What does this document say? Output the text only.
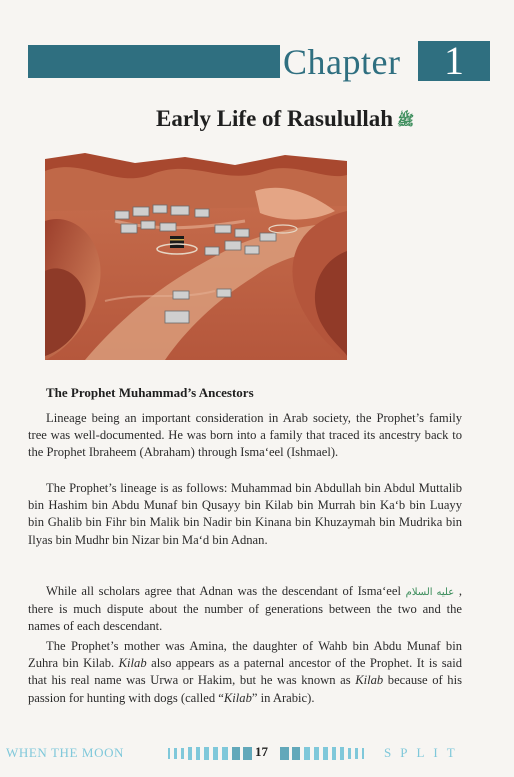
Chapter	1
Early Life of Rasulullah ﷺ
The Prophet Muhammad’s Ancestors

Lineage being an important consideration in Arab society, the Prophet’s family tree was well-documented. He was born into a family that traced its ancestry back to the Prophet Ibraheem (Abraham) through Isma‘eel (Ishmael).

The Prophet’s lineage is as follows: Muhammad bin Abdullah bin Abdul Muttalib bin Hashim bin Abdu Munaf bin Qusayy bin Kilab bin Murrah bin Ka‘b bin Luayy bin Ghalib bin Fihr bin Malik bin Nadir bin Kinana bin Khuzaymah bin Mudrika bin Ilyas bin Mudhr bin Nizar bin Ma‘d bin Adnan.

While all scholars agree that Adnan was the descendant of Isma‘eel عليه السلام , there is much dispute about the number of generations between the two and the names of each descendant.

The Prophet’s mother was Amina, the daughter of Wahb bin Abdu Munaf bin Zuhra bin Kilab. Kilab also appears as a paternal ancestor of the Prophet. It is said that his real name was Urwa or Hakim, but he was known as Kilab because of his passion for hunting with dogs (called “Kilab” in Arabic).

WHEN THE MOON	17	SPLIT
